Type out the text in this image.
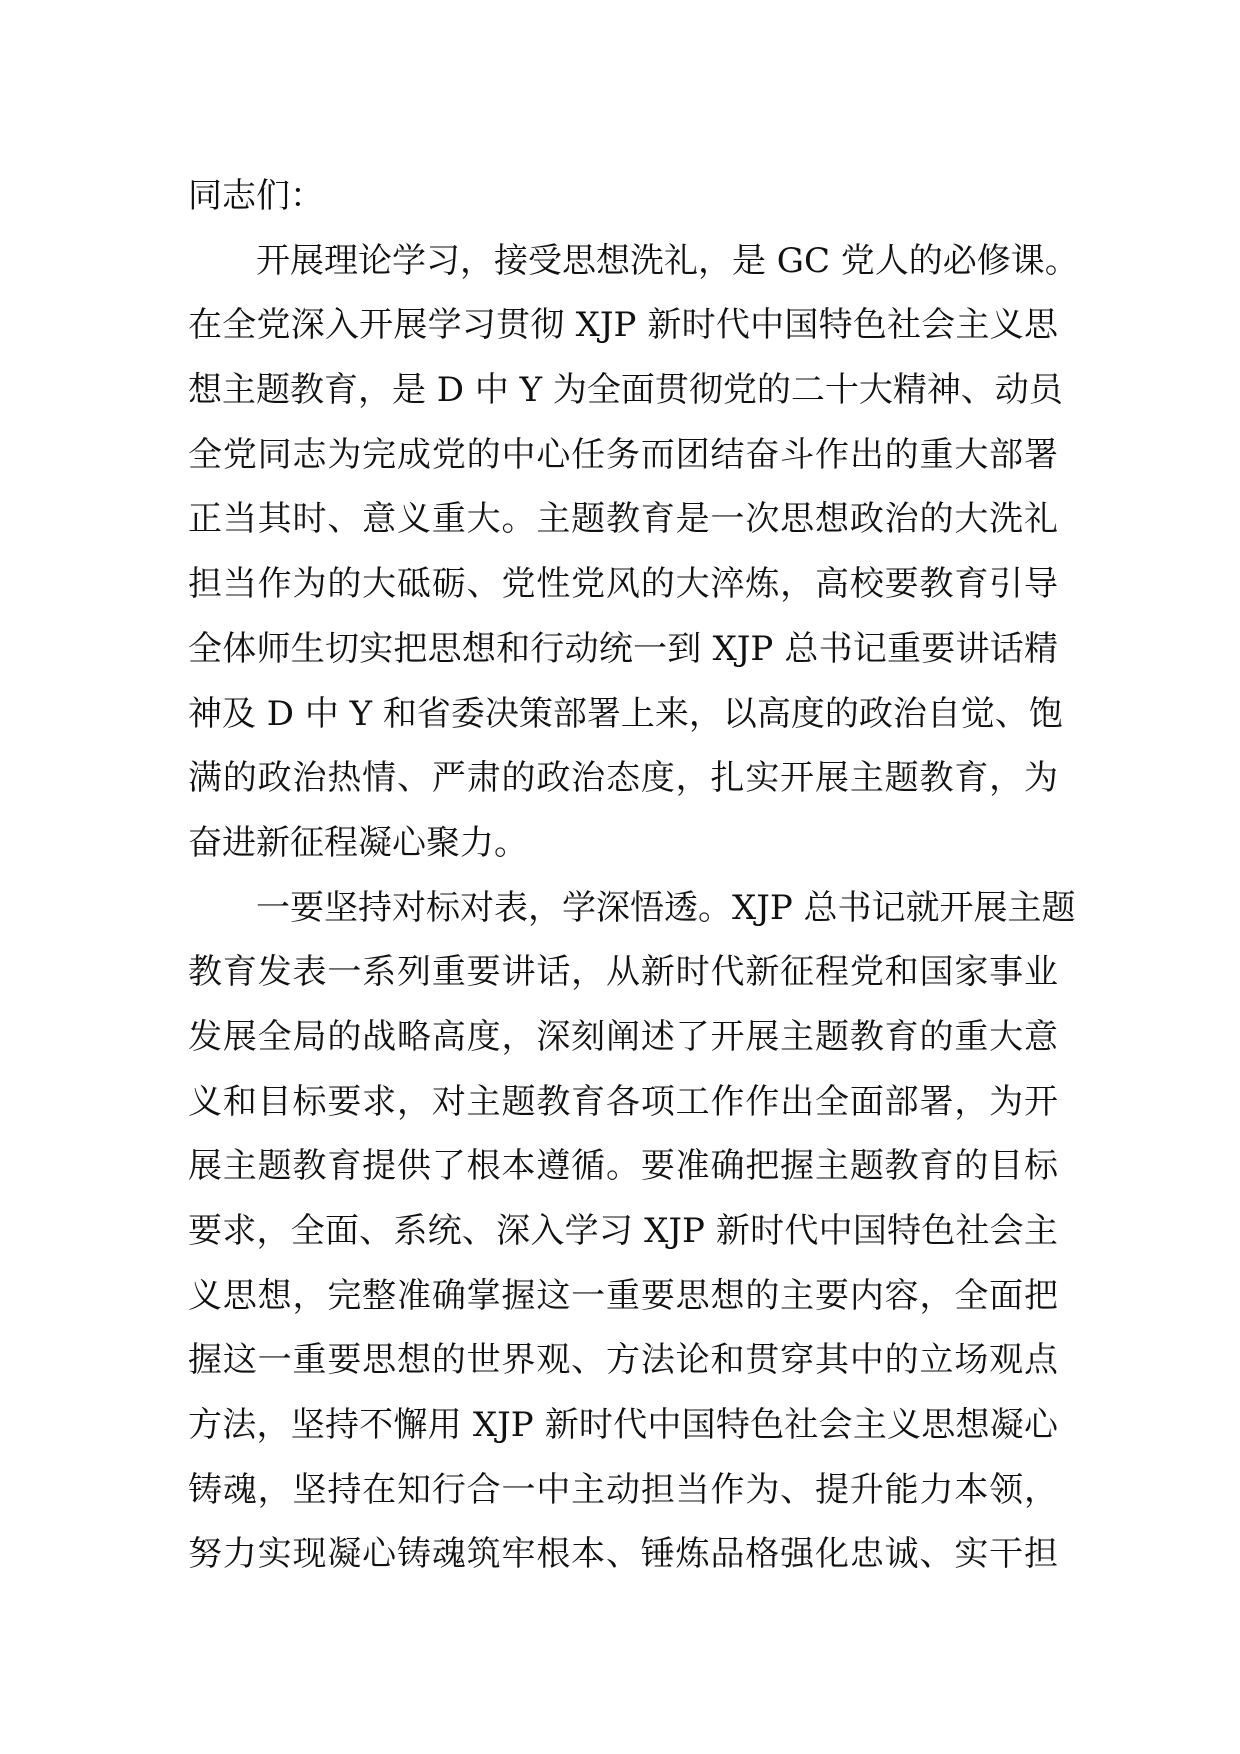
同志们：
开展理论学习，接受思想洗礼，是 GC 党人的必修课。
在全党深入开展学习贯彻 XJP 新时代中国特色社会主义思
想主题教育，是 D 中 Y 为全面贯彻党的二十大精神、动员
全党同志为完成党的中心任务而团结奋斗作出的重大部署
正当其时、意义重大。主题教育是一次思想政治的大洗礼
担当作为的大砥砺、党性党风的大淬炼，高校要教育引导
全体师生切实把思想和行动统一到 XJP 总书记重要讲话精
神及 D 中 Y 和省委决策部署上来，以高度的政治自觉、饱
满的政治热情、严肃的政治态度，扎实开展主题教育，为
奋进新征程凝心聚力。
一要坚持对标对表，学深悟透。XJP 总书记就开展主题
教育发表一系列重要讲话，从新时代新征程党和国家事业
发展全局的战略高度，深刻阐述了开展主题教育的重大意
义和目标要求，对主题教育各项工作作出全面部署，为开
展主题教育提供了根本遵循。要准确把握主题教育的目标
要求，全面、系统、深入学习 XJP 新时代中国特色社会主
义思想，完整准确掌握这一重要思想的主要内容，全面把
握这一重要思想的世界观、方法论和贯穿其中的立场观点
方法，坚持不懈用 XJP 新时代中国特色社会主义思想凝心
铸魂，坚持在知行合一中主动担当作为、提升能力本领，
努力实现凝心铸魂筑牢根本、锤炼品格强化忠诚、实干担
